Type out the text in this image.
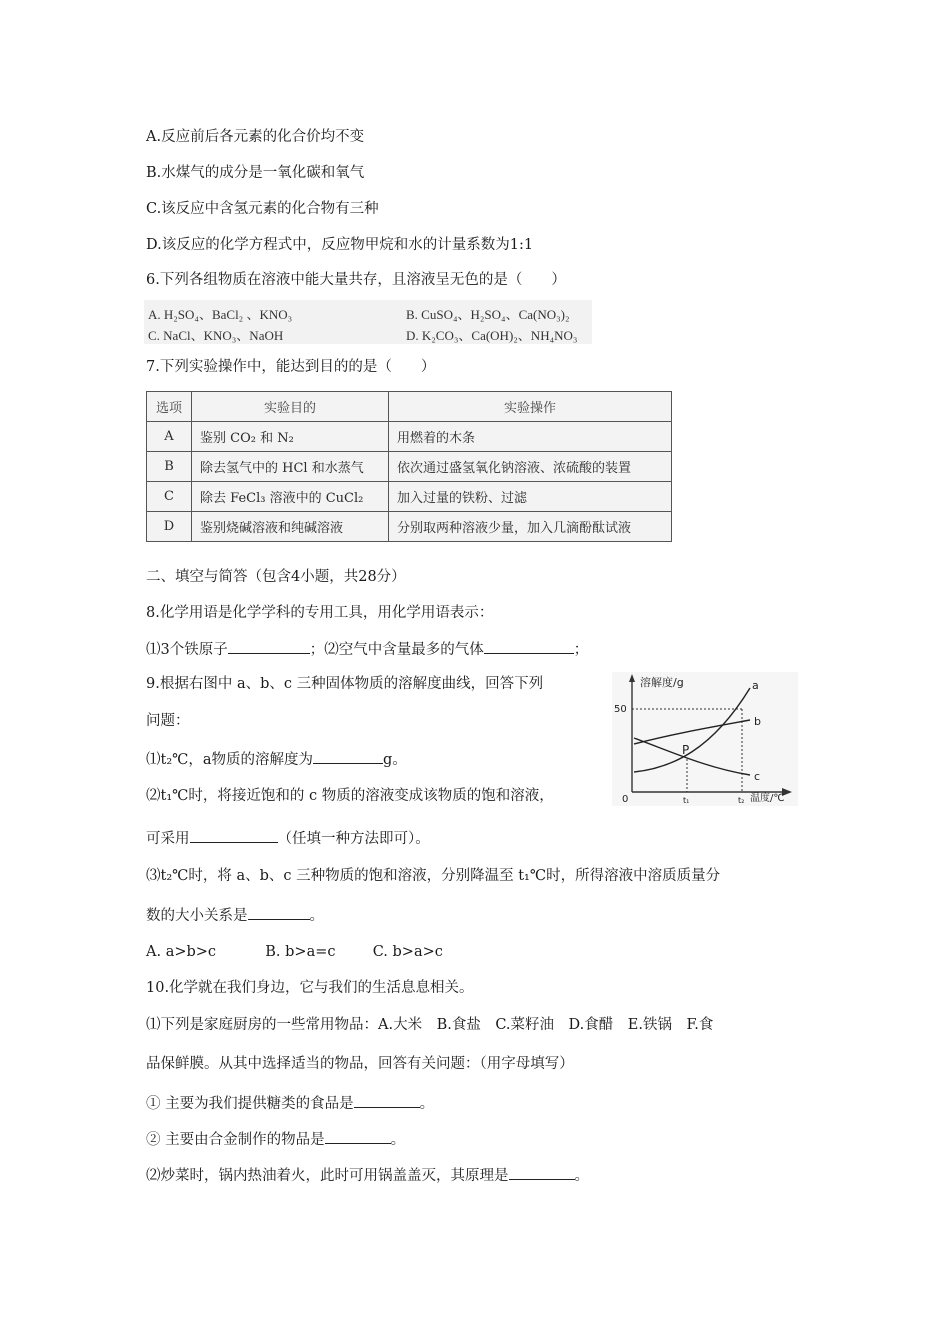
A.反应前后各元素的化合价均不变
B.水煤气的成分是一氧化碳和氧气
C.该反应中含氢元素的化合物有三种
D.该反应的化学方程式中，反应物甲烷和水的计量系数为1:1
6.下列各组物质在溶液中能大量共存，且溶液呈无色的是（　　）
A. H₂SO₄、BaCl₂ 、KNO₃	B. CuSO₄、H₂SO₄、Ca(NO₃)₂
C. NaCl、KNO₃、NaOH	D. K₂CO₃、Ca(OH)₂、NH₄NO₃
7.下列实验操作中，能达到目的的是（　　）
选项	实验目的	实验操作
A	鉴别 CO₂ 和 N₂	用燃着的木条
B	除去氢气中的 HCl 和水蒸气	依次通过盛氢氧化钠溶液、浓硫酸的装置
C	除去 FeCl₃ 溶液中的 CuCl₂	加入过量的铁粉、过滤
D	鉴别烧碱溶液和纯碱溶液	分别取两种溶液少量，加入几滴酚酞试液
二、填空与简答（包含4小题，共28分）
8.化学用语是化学学科的专用工具，用化学用语表示：
⑴3个铁原子	；⑵空气中含量最多的气体	；
9.根据右图中 a、b、c 三种固体物质的溶解度曲线，回答下列
问题：
⑴t₂℃，a物质的溶解度为	g。
⑵t₁℃时，将接近饱和的 c 物质的溶液变成该物质的饱和溶液，
可采用	（任填一种方法即可）。
⑶t₂℃时，将 a、b、c 三种物质的饱和溶液，分别降温至 t₁℃时，所得溶液中溶质质量分
数的大小关系是	。
A. a>b>c	B. b>a=c	C. b>a>c
溶解度/g
50
0	t₁	t₂ 温度/℃
P
a
b
c
10.化学就在我们身边，它与我们的生活息息相关。
⑴下列是家庭厨房的一些常用物品：A.大米　B.食盐　C.菜籽油　D.食醋　E.铁锅　F.食
品保鲜膜。从其中选择适当的物品，回答有关问题：（用字母填写）
① 主要为我们提供糖类的食品是	。
② 主要由合金制作的物品是	。
⑵炒菜时，锅内热油着火，此时可用锅盖盖灭，其原理是	。
